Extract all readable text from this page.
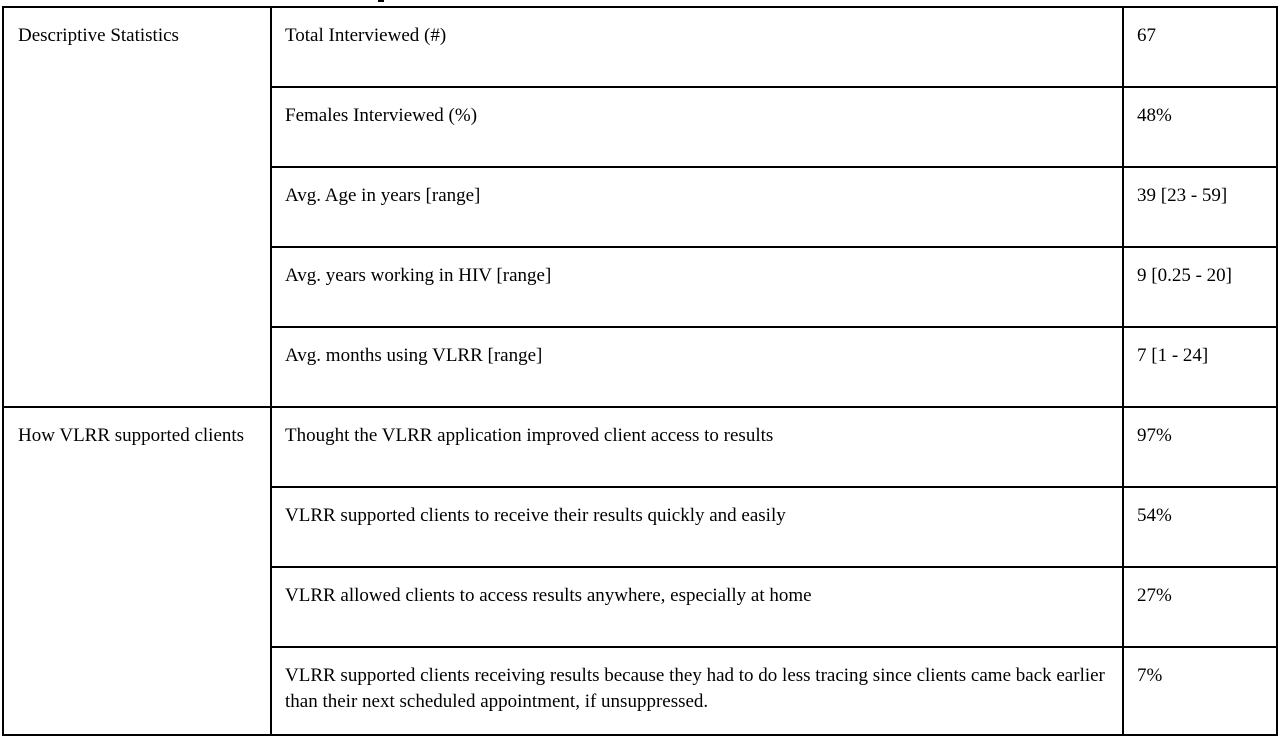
Descriptive Statistics	Total Interviewed (#)	67

	Females Interviewed (%)	48%

	Avg. Age in years [range]	39 [23 - 59]

	Avg. years working in HIV [range]	9 [0.25 - 20]

	Avg. months using VLRR [range]	7 [1 - 24]

How VLRR supported clients	Thought the VLRR application improved client access to results	97%

	VLRR supported clients to receive their results quickly and easily	54%

	VLRR allowed clients to access results anywhere, especially at home	27%

	VLRR supported clients receiving results because they had to do less tracing since clients came back earlier than their next scheduled appointment, if unsuppressed.	7%
